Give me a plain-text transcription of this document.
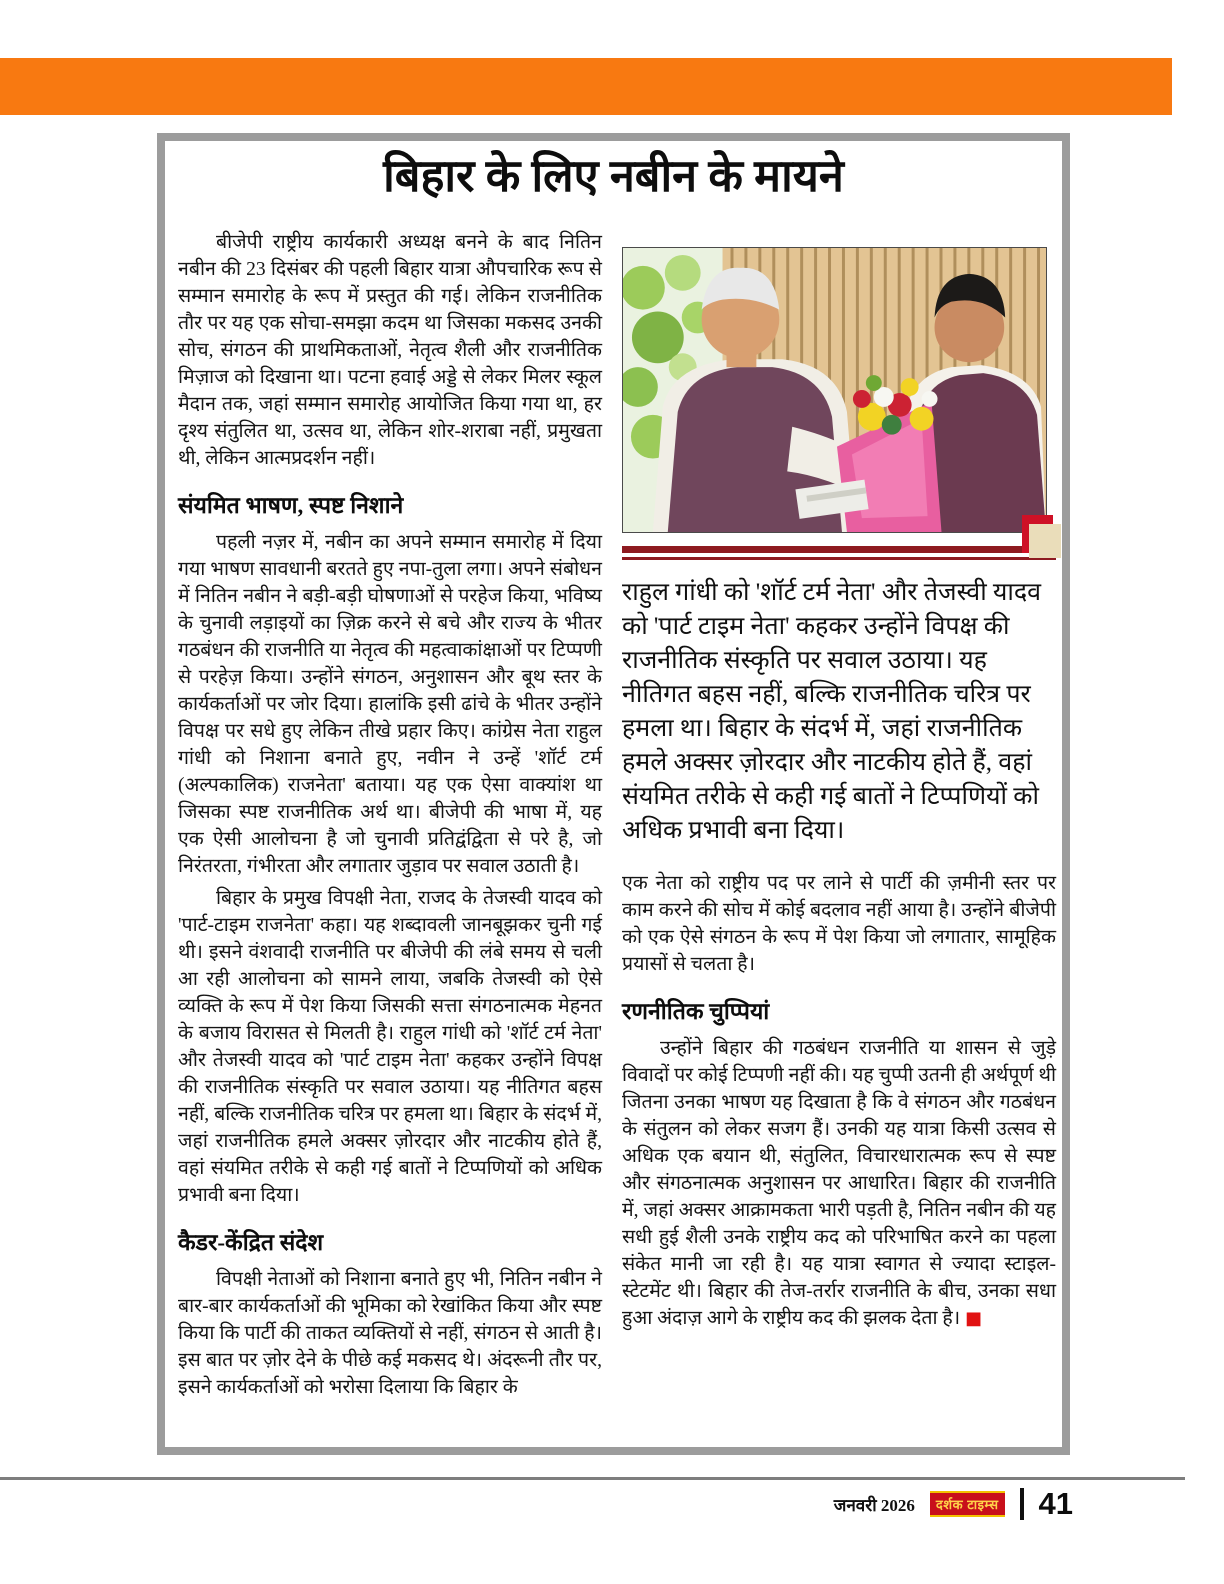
बिहार के लिए नबीन के मायने

बीजेपी राष्ट्रीय कार्यकारी अध्यक्ष बनने के बाद नितिन नबीन की 23 दिसंबर की पहली बिहार यात्रा औपचारिक रूप से सम्मान समारोह के रूप में प्रस्तुत की गई। लेकिन राजनीतिक तौर पर यह एक सोचा-समझा कदम था जिसका मकसद उनकी सोच, संगठन की प्राथमिकताओं, नेतृत्व शैली और राजनीतिक मिज़ाज को दिखाना था। पटना हवाई अड्डे से लेकर मिलर स्कूल मैदान तक, जहां सम्मान समारोह आयोजित किया गया था, हर दृश्य संतुलित था, उत्सव था, लेकिन शोर-शराबा नहीं, प्रमुखता थी, लेकिन आत्मप्रदर्शन नहीं।

संयमित भाषण, स्पष्ट निशाने

पहली नज़र में, नबीन का अपने सम्मान समारोह में दिया गया भाषण सावधानी बरतते हुए नपा-तुला लगा। अपने संबोधन में नितिन नबीन ने बड़ी-बड़ी घोषणाओं से परहेज किया, भविष्य के चुनावी लड़ाइयों का ज़िक्र करने से बचे और राज्य के भीतर गठबंधन की राजनीति या नेतृत्व की महत्वाकांक्षाओं पर टिप्पणी से परहेज़ किया। उन्होंने संगठन, अनुशासन और बूथ स्तर के कार्यकर्ताओं पर जोर दिया। हालांकि इसी ढांचे के भीतर उन्होंने विपक्ष पर सधे हुए लेकिन तीखे प्रहार किए। कांग्रेस नेता राहुल गांधी को निशाना बनाते हुए, नवीन ने उन्हें 'शॉर्ट टर्म (अल्पकालिक) राजनेता' बताया। यह एक ऐसा वाक्यांश था जिसका स्पष्ट राजनीतिक अर्थ था। बीजेपी की भाषा में, यह एक ऐसी आलोचना है जो चुनावी प्रतिद्वंद्विता से परे है, जो निरंतरता, गंभीरता और लगातार जुड़ाव पर सवाल उठाती है।

बिहार के प्रमुख विपक्षी नेता, राजद के तेजस्वी यादव को 'पार्ट-टाइम राजनेता' कहा। यह शब्दावली जानबूझकर चुनी गई थी। इसने वंशवादी राजनीति पर बीजेपी की लंबे समय से चली आ रही आलोचना को सामने लाया, जबकि तेजस्वी को ऐसे व्यक्ति के रूप में पेश किया जिसकी सत्ता संगठनात्मक मेहनत के बजाय विरासत से मिलती है। राहुल गांधी को 'शॉर्ट टर्म नेता' और तेजस्वी यादव को 'पार्ट टाइम नेता' कहकर उन्होंने विपक्ष की राजनीतिक संस्कृति पर सवाल उठाया। यह नीतिगत बहस नहीं, बल्कि राजनीतिक चरित्र पर हमला था। बिहार के संदर्भ में, जहां राजनीतिक हमले अक्सर ज़ोरदार और नाटकीय होते हैं, वहां संयमित तरीके से कही गई बातों ने टिप्पणियों को अधिक प्रभावी बना दिया।

कैडर-केंद्रित संदेश

विपक्षी नेताओं को निशाना बनाते हुए भी, नितिन नबीन ने बार-बार कार्यकर्ताओं की भूमिका को रेखांकित किया और स्पष्ट किया कि पार्टी की ताकत व्यक्तियों से नहीं, संगठन से आती है। इस बात पर ज़ोर देने के पीछे कई मकसद थे। अंदरूनी तौर पर, इसने कार्यकर्ताओं को भरोसा दिलाया कि बिहार के

राहुल गांधी को 'शॉर्ट टर्म नेता' और तेजस्वी यादव को 'पार्ट टाइम नेता' कहकर उन्होंने विपक्ष की राजनीतिक संस्कृति पर सवाल उठाया। यह नीतिगत बहस नहीं, बल्कि राजनीतिक चरित्र पर हमला था। बिहार के संदर्भ में, जहां राजनीतिक हमले अक्सर ज़ोरदार और नाटकीय होते हैं, वहां संयमित तरीके से कही गई बातों ने टिप्पणियों को अधिक प्रभावी बना दिया।

एक नेता को राष्ट्रीय पद पर लाने से पार्टी की ज़मीनी स्तर पर काम करने की सोच में कोई बदलाव नहीं आया है। उन्होंने बीजेपी को एक ऐसे संगठन के रूप में पेश किया जो लगातार, सामूहिक प्रयासों से चलता है।

रणनीतिक चुप्पियां

उन्होंने बिहार की गठबंधन राजनीति या शासन से जुड़े विवादों पर कोई टिप्पणी नहीं की। यह चुप्पी उतनी ही अर्थपूर्ण थी जितना उनका भाषण यह दिखाता है कि वे संगठन और गठबंधन के संतुलन को लेकर सजग हैं। उनकी यह यात्रा किसी उत्सव से अधिक एक बयान थी, संतुलित, विचारधारात्मक रूप से स्पष्ट और संगठनात्मक अनुशासन पर आधारित। बिहार की राजनीति में, जहां अक्सर आक्रामकता भारी पड़ती है, नितिन नबीन की यह सधी हुई शैली उनके राष्ट्रीय कद को परिभाषित करने का पहला संकेत मानी जा रही है। यह यात्रा स्वागत से ज्यादा स्टाइल-स्टेटमेंट थी। बिहार की तेज-तर्रार राजनीति के बीच, उनका सधा हुआ अंदाज़ आगे के राष्ट्रीय कद की झलक देता है। ■

जनवरी 2026	दर्शक टाइम्स 41
